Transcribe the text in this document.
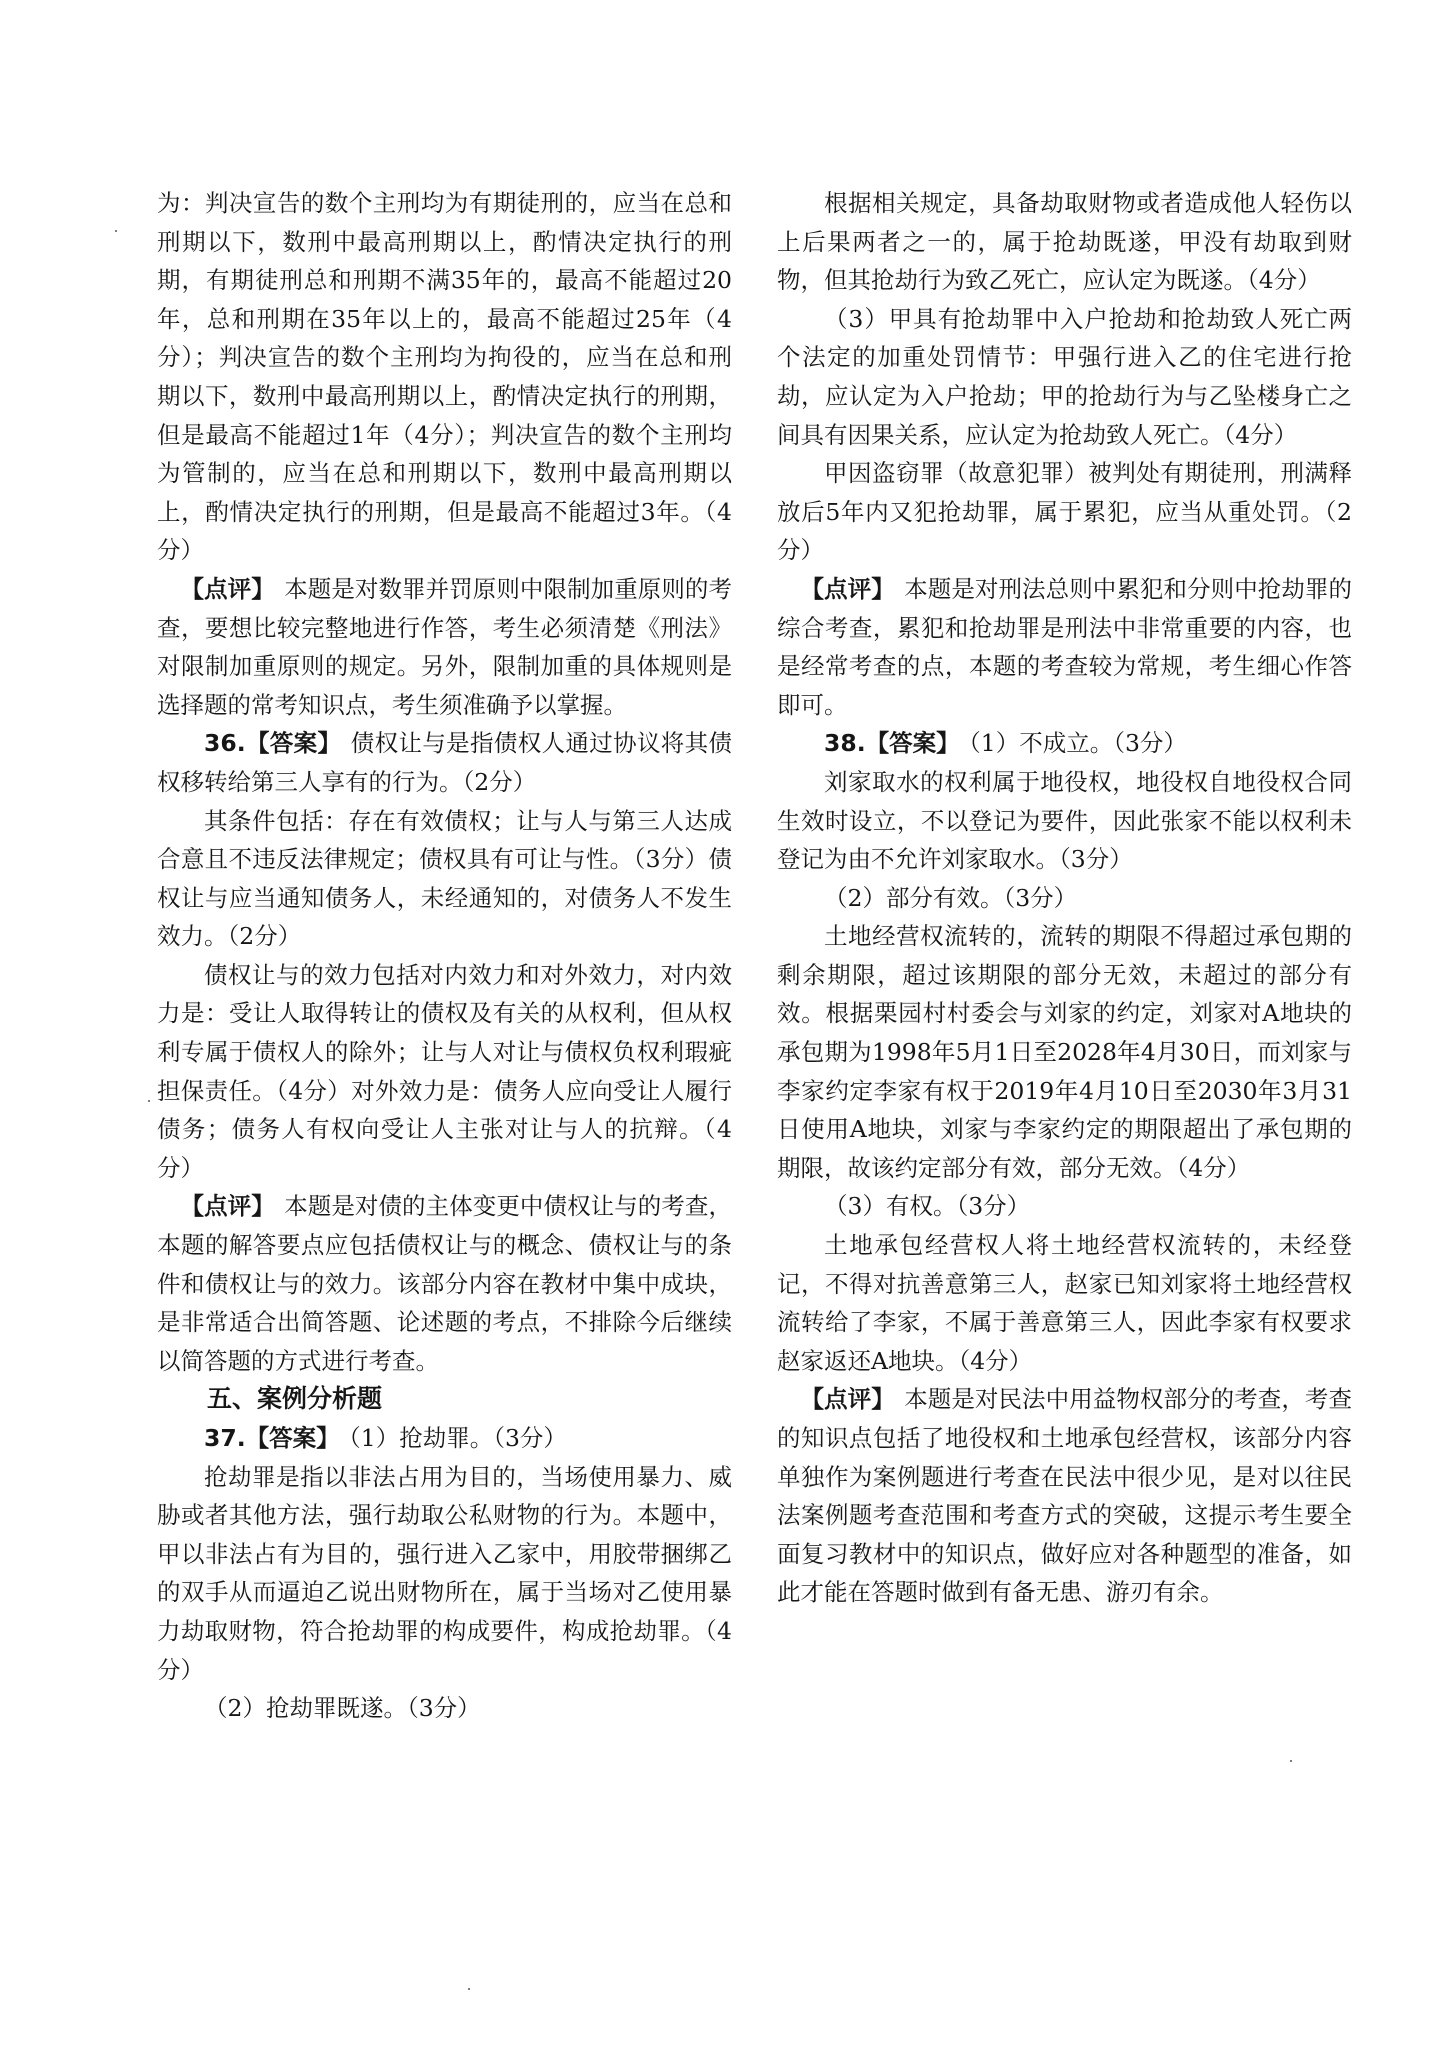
为：判决宣告的数个主刑均为有期徒刑的，应当在总和刑期以下，数刑中最高刑期以上，酌情决定执行的刑期，有期徒刑总和刑期不满35年的，最高不能超过20年，总和刑期在35年以上的，最高不能超过25年（4分）；判决宣告的数个主刑均为拘役的，应当在总和刑期以下，数刑中最高刑期以上，酌情决定执行的刑期，但是最高不能超过1年（4分）；判决宣告的数个主刑均为管制的，应当在总和刑期以下，数刑中最高刑期以上，酌情决定执行的刑期，但是最高不能超过3年。（4分）

【点评】 本题是对数罪并罚原则中限制加重原则的考查，要想比较完整地进行作答，考生必须清楚《刑法》对限制加重原则的规定。另外，限制加重的具体规则是选择题的常考知识点，考生须准确予以掌握。

36.【答案】 债权让与是指债权人通过协议将其债权移转给第三人享有的行为。（2分）

其条件包括：存在有效债权；让与人与第三人达成合意且不违反法律规定；债权具有可让与性。（3分）债权让与应当通知债务人，未经通知的，对债务人不发生效力。（2分）

债权让与的效力包括对内效力和对外效力，对内效力是：受让人取得转让的债权及有关的从权利，但从权利专属于债权人的除外；让与人对让与债权负权利瑕疵担保责任。（4分）对外效力是：债务人应向受让人履行债务；债务人有权向受让人主张对让与人的抗辩。（4分）

【点评】 本题是对债的主体变更中债权让与的考查，本题的解答要点应包括债权让与的概念、债权让与的条件和债权让与的效力。该部分内容在教材中集中成块，是非常适合出简答题、论述题的考点，不排除今后继续以简答题的方式进行考查。

五、案例分析题

37.【答案】 （1）抢劫罪。（3分）

抢劫罪是指以非法占用为目的，当场使用暴力、威胁或者其他方法，强行劫取公私财物的行为。本题中，甲以非法占有为目的，强行进入乙家中，用胶带捆绑乙的双手从而逼迫乙说出财物所在，属于当场对乙使用暴力劫取财物，符合抢劫罪的构成要件，构成抢劫罪。（4分）

（2）抢劫罪既遂。（3分）

根据相关规定，具备劫取财物或者造成他人轻伤以上后果两者之一的，属于抢劫既遂，甲没有劫取到财物，但其抢劫行为致乙死亡，应认定为既遂。（4分）

（3）甲具有抢劫罪中入户抢劫和抢劫致人死亡两个法定的加重处罚情节：甲强行进入乙的住宅进行抢劫，应认定为入户抢劫；甲的抢劫行为与乙坠楼身亡之间具有因果关系，应认定为抢劫致人死亡。（4分）

甲因盗窃罪（故意犯罪）被判处有期徒刑，刑满释放后5年内又犯抢劫罪，属于累犯，应当从重处罚。（2分）

【点评】 本题是对刑法总则中累犯和分则中抢劫罪的综合考查，累犯和抢劫罪是刑法中非常重要的内容，也是经常考查的点，本题的考查较为常规，考生细心作答即可。

38.【答案】 （1）不成立。（3分）

刘家取水的权利属于地役权，地役权自地役权合同生效时设立，不以登记为要件，因此张家不能以权利未登记为由不允许刘家取水。（3分）

（2）部分有效。（3分）

土地经营权流转的，流转的期限不得超过承包期的剩余期限，超过该期限的部分无效，未超过的部分有效。根据栗园村村委会与刘家的约定，刘家对A地块的承包期为1998年5月1日至2028年4月30日，而刘家与李家约定李家有权于2019年4月10日至2030年3月31日使用A地块，刘家与李家约定的期限超出了承包期的期限，故该约定部分有效，部分无效。（4分）

（3）有权。（3分）

土地承包经营权人将土地经营权流转的，未经登记，不得对抗善意第三人，赵家已知刘家将土地经营权流转给了李家，不属于善意第三人，因此李家有权要求赵家返还A地块。（4分）

【点评】 本题是对民法中用益物权部分的考查，考查的知识点包括了地役权和土地承包经营权，该部分内容单独作为案例题进行考查在民法中很少见，是对以往民法案例题考查范围和考查方式的突破，这提示考生要全面复习教材中的知识点，做好应对各种题型的准备，如此才能在答题时做到有备无患、游刃有余。
